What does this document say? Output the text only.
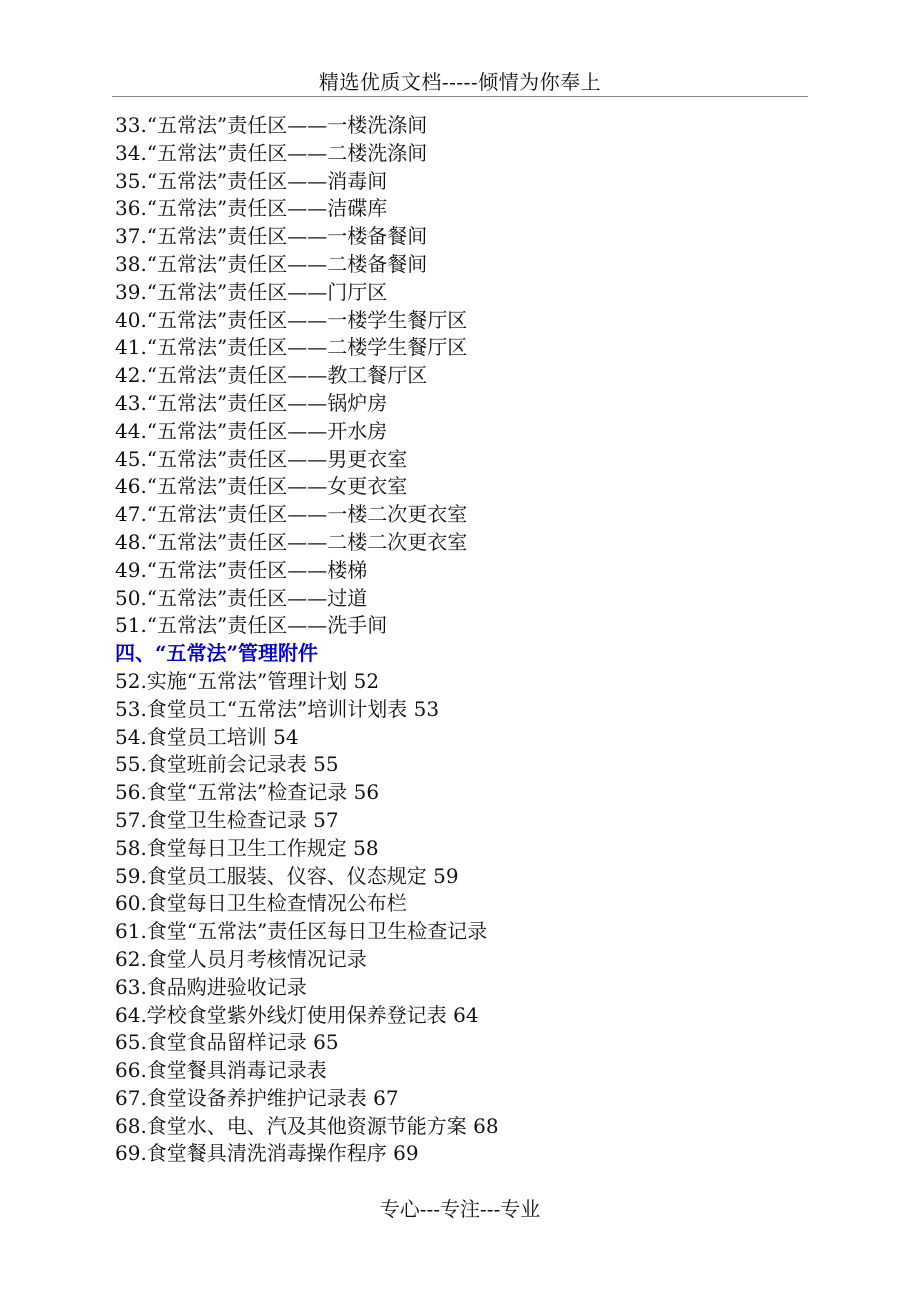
精选优质文档-----倾情为你奉上
33.“五常法”责任区——一楼洗涤间
34.“五常法”责任区——二楼洗涤间
35.“五常法”责任区——消毒间
36.“五常法”责任区——洁碟库
37.“五常法”责任区——一楼备餐间
38.“五常法”责任区——二楼备餐间
39.“五常法”责任区——门厅区
40.“五常法”责任区——一楼学生餐厅区
41.“五常法”责任区——二楼学生餐厅区
42.“五常法”责任区——教工餐厅区
43.“五常法”责任区——锅炉房
44.“五常法”责任区——开水房
45.“五常法”责任区——男更衣室
46.“五常法”责任区——女更衣室
47.“五常法”责任区——一楼二次更衣室
48.“五常法”责任区——二楼二次更衣室
49.“五常法”责任区——楼梯
50.“五常法”责任区——过道
51.“五常法”责任区——洗手间
四、“五常法”管理附件
52.实施“五常法”管理计划 52
53.食堂员工“五常法”培训计划表 53
54.食堂员工培训 54
55.食堂班前会记录表 55
56.食堂“五常法”检查记录 56
57.食堂卫生检查记录 57
58.食堂每日卫生工作规定 58
59.食堂员工服装、仪容、仪态规定 59
60.食堂每日卫生检查情况公布栏
61.食堂“五常法”责任区每日卫生检查记录
62.食堂人员月考核情况记录
63.食品购进验收记录
64.学校食堂紫外线灯使用保养登记表 64
65.食堂食品留样记录 65
66.食堂餐具消毒记录表
67.食堂设备养护维护记录表 67
68.食堂水、电、汽及其他资源节能方案 68
69.食堂餐具清洗消毒操作程序 69
专心---专注---专业
